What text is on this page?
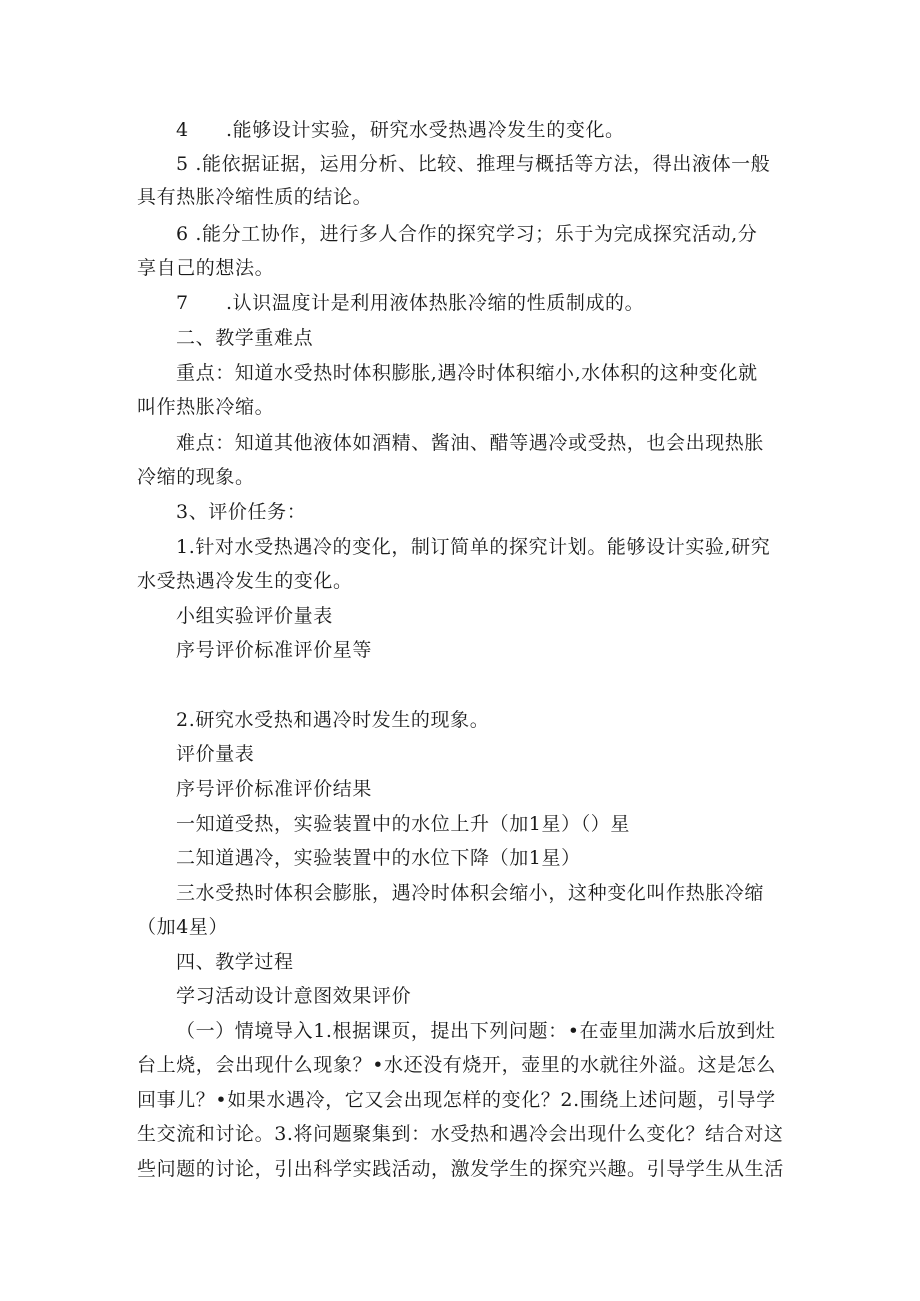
4 .能够设计实验，研究水受热遇冷发生的变化。
5 .能依据证据，运用分析、比较、推理与概括等方法，得出液体一般
具有热胀冷缩性质的结论。
6 .能分工协作，进行多人合作的探究学习；乐于为完成探究活动,分
享自己的想法。
7 .认识温度计是利用液体热胀冷缩的性质制成的。
二、教学重难点
重点：知道水受热时体积膨胀,遇冷时体积缩小,水体积的这种变化就
叫作热胀冷缩。
难点：知道其他液体如酒精、酱油、醋等遇冷或受热，也会出现热胀
冷缩的现象。
3、评价任务：
1.针对水受热遇冷的变化，制订简单的探究计划。能够设计实验,研究
水受热遇冷发生的变化。
小组实验评价量表
序号评价标准评价星等
2.研究水受热和遇冷时发生的现象。
评价量表
序号评价标准评价结果
一知道受热，实验装置中的水位上升（加1星）（）星
二知道遇冷，实验装置中的水位下降（加1星）
三水受热时体积会膨胀，遇冷时体积会缩小，这种变化叫作热胀冷缩
（加4星）
四、教学过程
学习活动设计意图效果评价
（一）情境导入1.根据课页，提出下列问题：•在壶里加满水后放到灶
台上烧，会出现什么现象？•水还没有烧开，壶里的水就往外溢。这是怎么
回事儿？•如果水遇冷，它又会出现怎样的变化？2.围绕上述问题，引导学
生交流和讨论。3.将问题聚集到：水受热和遇冷会出现什么变化？结合对这
些问题的讨论，引出科学实践活动，激发学生的探究兴趣。引导学生从生活
